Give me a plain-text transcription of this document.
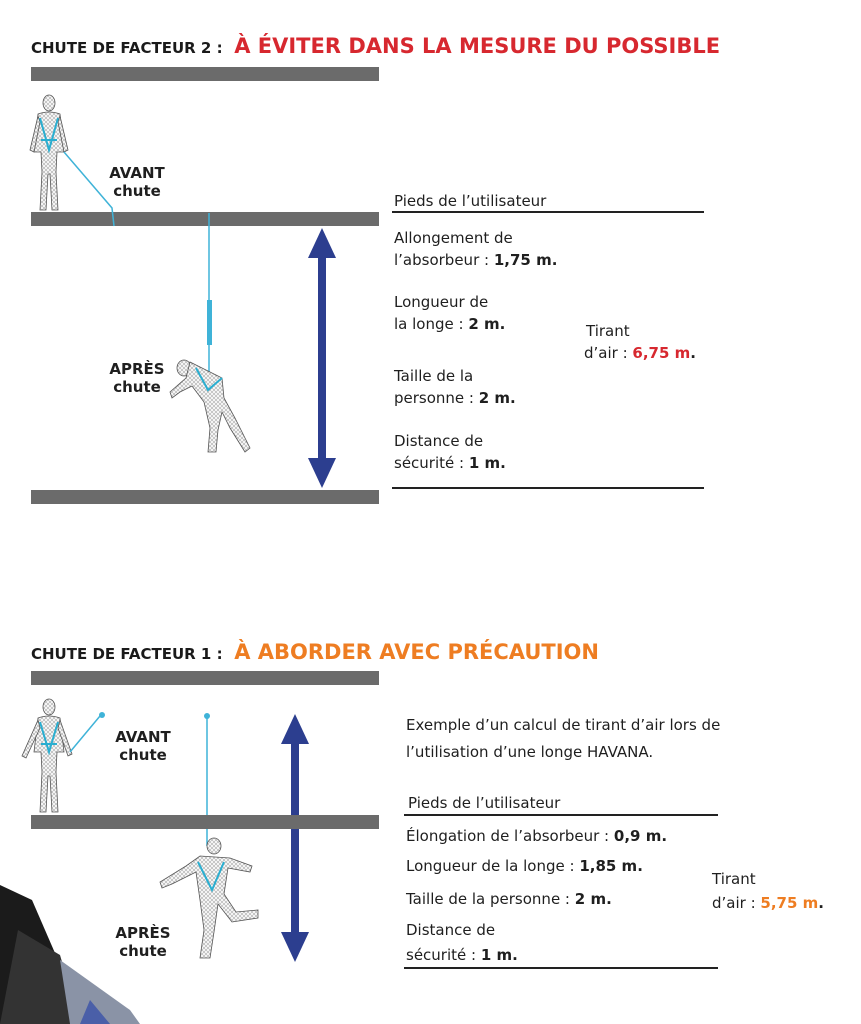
CHUTE DE FACTEUR 2 : À ÉVITER DANS LA MESURE DU POSSIBLE
AVANT
chute
APRÈS
chute
Pieds de l’utilisateur
Allongement de
l’absorbeur : 1,75 m.
Longueur de
la longe : 2 m.
Taille de la
personne : 2 m.
Distance de
sécurité : 1 m.
Tirant
d’air : 6,75 m.
CHUTE DE FACTEUR 1 : À ABORDER AVEC PRÉCAUTION
AVANT
chute
APRÈS
chute
Exemple d’un calcul de tirant d’air lors de
l’utilisation d’une longe HAVANA.
Pieds de l’utilisateur
Élongation de l’absorbeur : 0,9 m.
Longueur de la longe : 1,85 m.
Taille de la personne : 2 m.
Distance de
sécurité : 1 m.
Tirant
d’air : 5,75 m.
